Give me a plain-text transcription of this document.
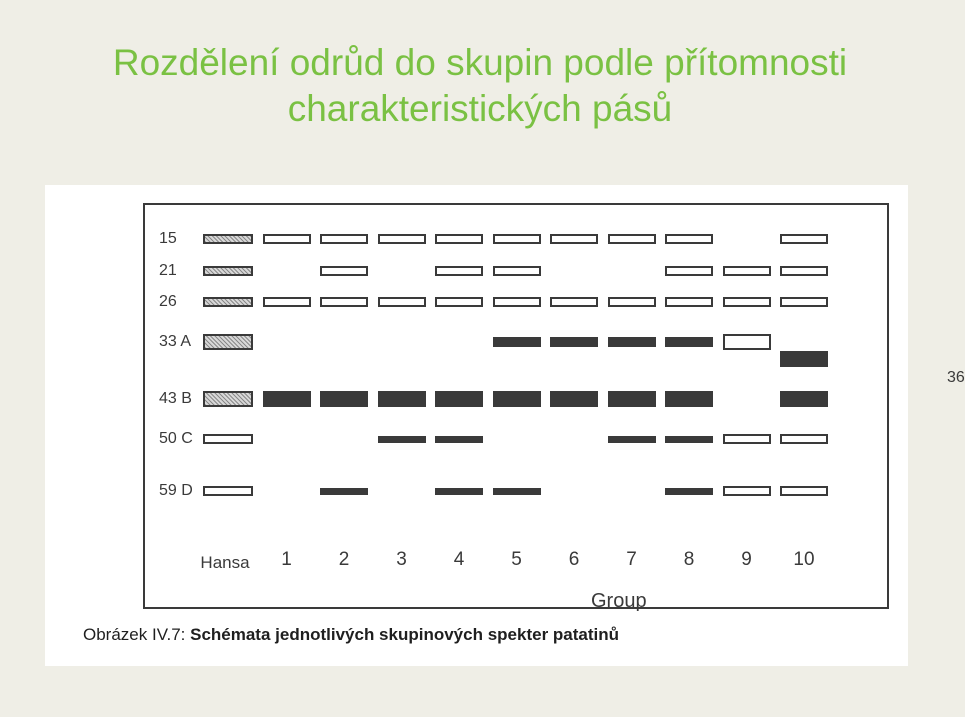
Rozdělení odrůd do skupin podle přítomnosti
charakteristických pásů
36
Group
15
21
26
33 A
43 B
50 C
59 D
Hansa	1	2	3	4	5	6	7	8	9	10
Obrázek IV.7: Schémata jednotlivých skupinových spekter patatinů
